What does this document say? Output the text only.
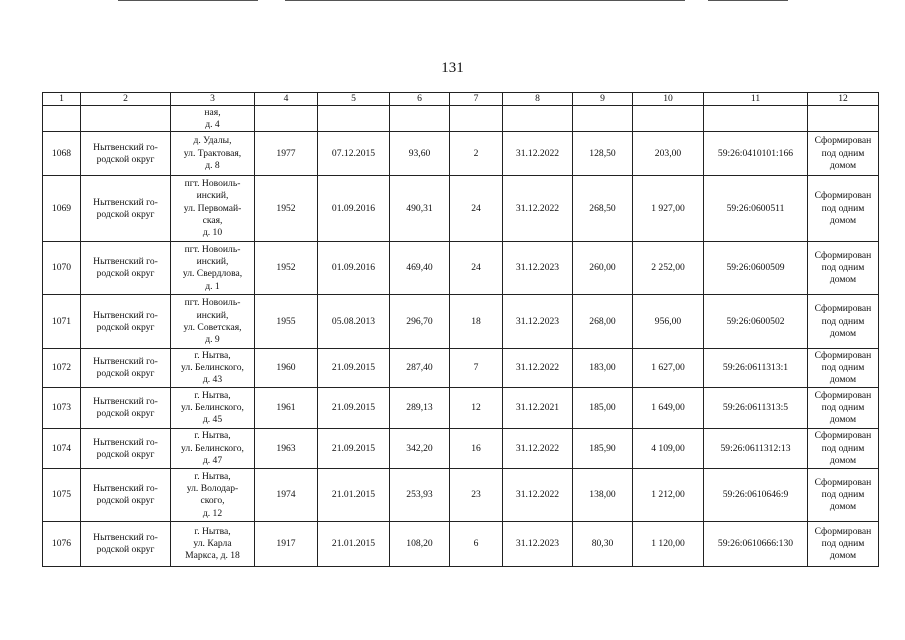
131
1	2	3	4	5	6	7	8	9	10	11	12
		ная,
д. 4									
1068	Нытвенский го-
родской округ	д. Удалы,
ул. Трактовая,
д. 8	1977	07.12.2015	93,60	2	31.12.2022	128,50	203,00	59:26:0410101:166	Сформирован
под одним
домом
1069	Нытвенский го-
родской округ	пгт. Новоиль-
инский,
ул. Первомай-
ская,
д. 10	1952	01.09.2016	490,31	24	31.12.2022	268,50	1 927,00	59:26:0600511	Сформирован
под одним
домом
1070	Нытвенский го-
родской округ	пгт. Новоиль-
инский,
ул. Свердлова,
д. 1	1952	01.09.2016	469,40	24	31.12.2023	260,00	2 252,00	59:26:0600509	Сформирован
под одним
домом
1071	Нытвенский го-
родской округ	пгт. Новоиль-
инский,
ул. Советская,
д. 9	1955	05.08.2013	296,70	18	31.12.2023	268,00	956,00	59:26:0600502	Сформирован
под одним
домом
1072	Нытвенский го-
родской округ	г. Нытва,
ул. Белинского,
д. 43	1960	21.09.2015	287,40	7	31.12.2022	183,00	1 627,00	59:26:0611313:1	Сформирован
под одним
домом
1073	Нытвенский го-
родской округ	г. Нытва,
ул. Белинского,
д. 45	1961	21.09.2015	289,13	12	31.12.2021	185,00	1 649,00	59:26:0611313:5	Сформирован
под одним
домом
1074	Нытвенский го-
родской округ	г. Нытва,
ул. Белинского,
д. 47	1963	21.09.2015	342,20	16	31.12.2022	185,90	4 109,00	59:26:0611312:13	Сформирован
под одним
домом
1075	Нытвенский го-
родской округ	г. Нытва,
ул. Володар-
ского,
д. 12	1974	21.01.2015	253,93	23	31.12.2022	138,00	1 212,00	59:26:0610646:9	Сформирован
под одним
домом
1076	Нытвенский го-
родской округ	г. Нытва,
ул. Карла
Маркса, д. 18	1917	21.01.2015	108,20	6	31.12.2023	80,30	1 120,00	59:26:0610666:130	Сформирован
под одним
домом
